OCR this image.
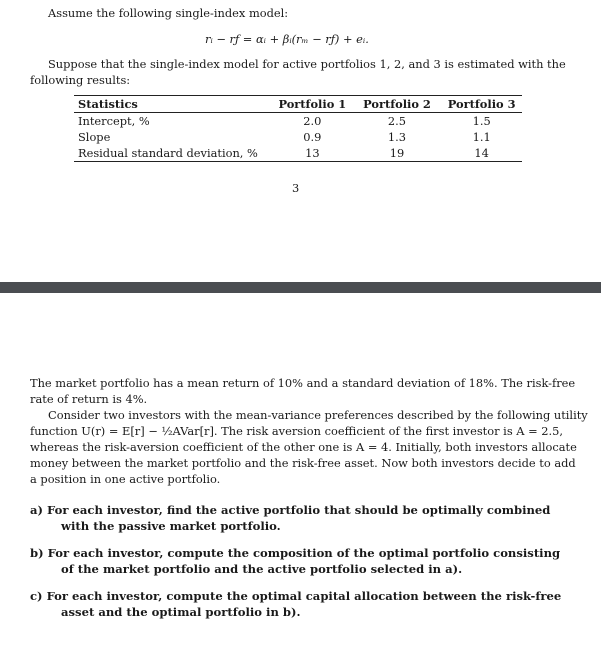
Assume the following single-index model:

rᵢ − rƒ = αᵢ + βᵢ(rₘ − rƒ) + eᵢ.

Suppose that the single-index model for active portfolios 1, 2, and 3 is estimated with the

following results:

Statistics	Portfolio 1	Portfolio 2	Portfolio 3
Intercept, %	2.0	2.5	1.5
Slope	0.9	1.3	1.1
Residual standard deviation, %	13	19	14
3

The market portfolio has a mean return of 10% and a standard deviation of 18%. The risk-free

rate of return is 4%.

Consider two investors with the mean-variance preferences described by the following utility

function U(r) = E[r] − ½AVar[r]. The risk aversion coefficient of the first investor is A = 2.5,

whereas the risk-aversion coefficient of the other one is A = 4. Initially, both investors allocate

money between the market portfolio and the risk-free asset. Now both investors decide to add

a position in one active portfolio.

a) For each investor, find the active portfolio that should be optimally combined
with the passive market portfolio.
b) For each investor, compute the composition of the optimal portfolio consisting
of the market portfolio and the active portfolio selected in a).
c) For each investor, compute the optimal capital allocation between the risk-free
asset and the optimal portfolio in b).
